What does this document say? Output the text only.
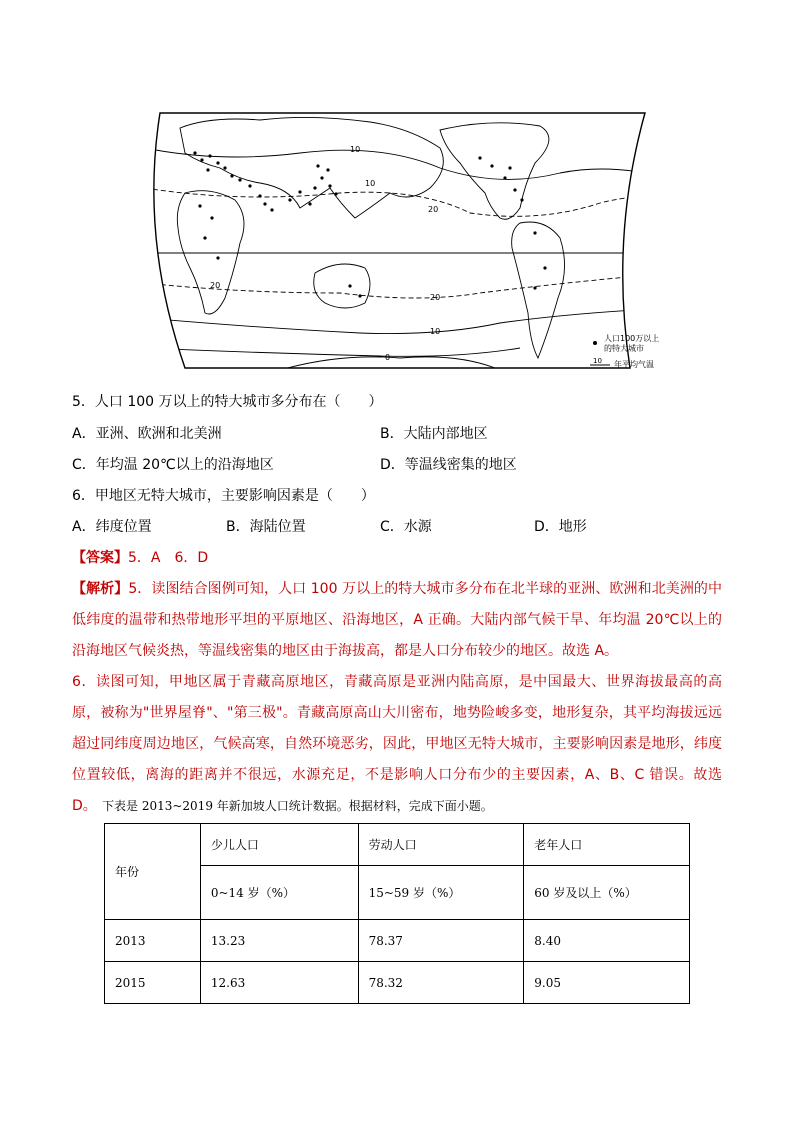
10
10
20
20
20
10
0
人口100万以上
的特大城市
10 年平均气温
5．人口 100 万以上的特大城市多分布在（　　）
A．亚洲、欧洲和北美洲	B．大陆内部地区
C．年均温 20℃以上的沿海地区	D．等温线密集的地区
6．甲地区无特大城市，主要影响因素是（　　）
A．纬度位置	B．海陆位置	C．水源	D．地形
【答案】5．A　6．D
【解析】5．读图结合图例可知，人口 100 万以上的特大城市多分布在北半球的亚洲、欧洲和北美洲的中低纬度的温带和热带地形平坦的平原地区、沿海地区，A 正确。大陆内部气候干旱、年均温 20℃以上的沿海地区气候炎热，等温线密集的地区由于海拔高，都是人口分布较少的地区。故选 A。
6．读图可知，甲地区属于青藏高原地区，青藏高原是亚洲内陆高原，是中国最大、世界海拔最高的高原，被称为"世界屋脊"、"第三极"。青藏高原高山大川密布，地势险峻多变，地形复杂，其平均海拔远远超过同纬度周边地区，气候高寒，自然环境恶劣，因此，甲地区无特大城市，主要影响因素是地形，纬度位置较低，离海的距离并不很远，水源充足，不是影响人口分布少的主要因素，A、B、C 错误。故选 D。 下表是 2013~2019 年新加坡人口统计数据。根据材料，完成下面小题。
年份	少儿人口	劳动人口	老年人口
	0~14 岁（%）	15~59 岁（%）	60 岁及以上（%）
2013	13.23	78.37	8.40
2015	12.63	78.32	9.05
